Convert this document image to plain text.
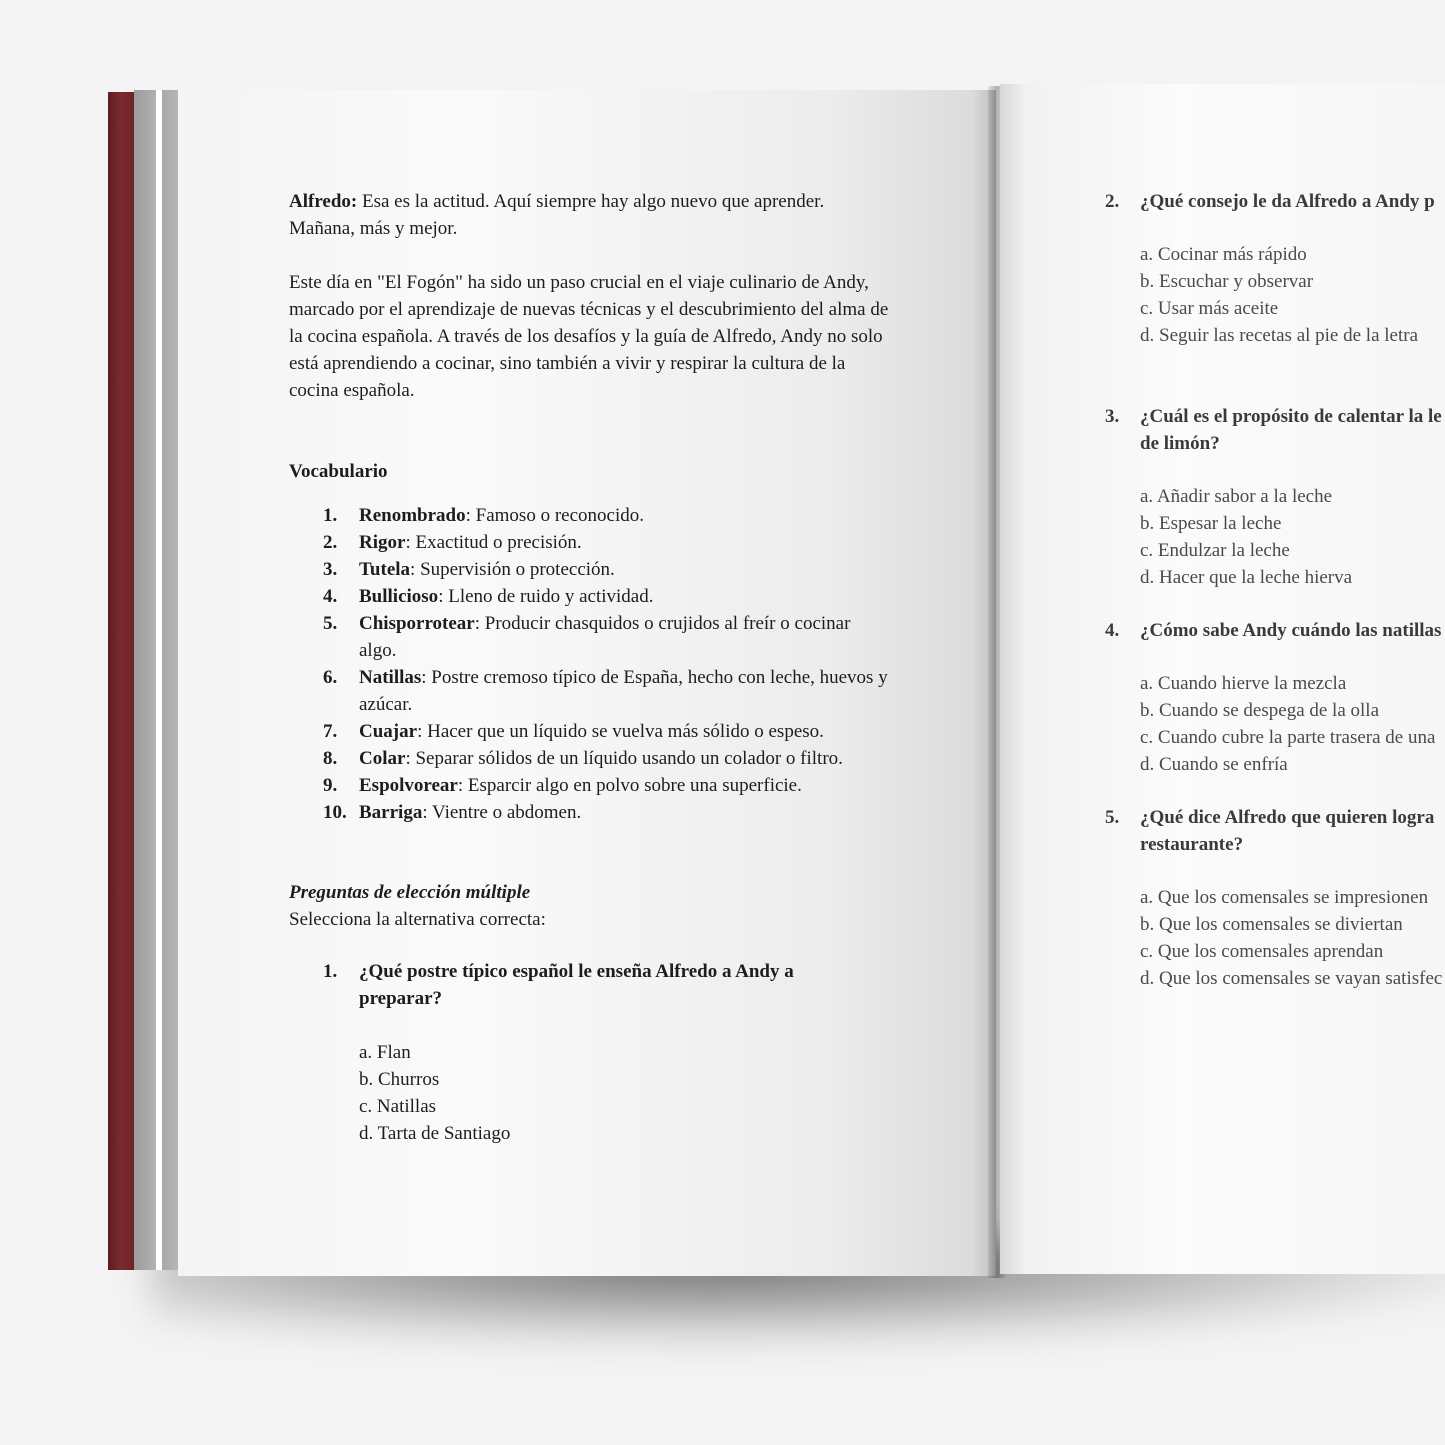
Alfredo: Esa es la actitud. Aquí siempre hay algo nuevo que aprender. Mañana, más y mejor.

Este día en "El Fogón" ha sido un paso crucial en el viaje culinario de Andy, marcado por el aprendizaje de nuevas técnicas y el descubrimiento del alma de la cocina española. A través de los desafíos y la guía de Alfredo, Andy no solo está aprendiendo a cocinar, sino también a vivir y respirar la cultura de la cocina española.

Vocabulario

1. Renombrado: Famoso o reconocido.
2. Rigor: Exactitud o precisión.
3. Tutela: Supervisión o protección.
4. Bullicioso: Lleno de ruido y actividad.
5. Chisporrotear: Producir chasquidos o crujidos al freír o cocinar algo.
6. Natillas: Postre cremoso típico de España, hecho con leche, huevos y azúcar.
7. Cuajar: Hacer que un líquido se vuelva más sólido o espeso.
8. Colar: Separar sólidos de un líquido usando un colador o filtro.
9. Espolvorear: Esparcir algo en polvo sobre una superficie.
10. Barriga: Vientre o abdomen.

Preguntas de elección múltiple

Selecciona la alternativa correcta:

1. ¿Qué postre típico español le enseña Alfredo a Andy a preparar?

a. Flan

b. Churros

c. Natillas

d. Tarta de Santiago

2. ¿Qué consejo le da Alfredo a Andy p

a. Cocinar más rápido

b. Escuchar y observar

c. Usar más aceite

d. Seguir las recetas al pie de la letra

3. ¿Cuál es el propósito de calentar la le
de limón?

a. Añadir sabor a la leche

b. Espesar la leche

c. Endulzar la leche

d. Hacer que la leche hierva

4. ¿Cómo sabe Andy cuándo las natillas

a. Cuando hierve la mezcla

b. Cuando se despega de la olla

c. Cuando cubre la parte trasera de una

d. Cuando se enfría

5. ¿Qué dice Alfredo que quieren logra
restaurante?

a. Que los comensales se impresionen

b. Que los comensales se diviertan

c. Que los comensales aprendan

d. Que los comensales se vayan satisfec
